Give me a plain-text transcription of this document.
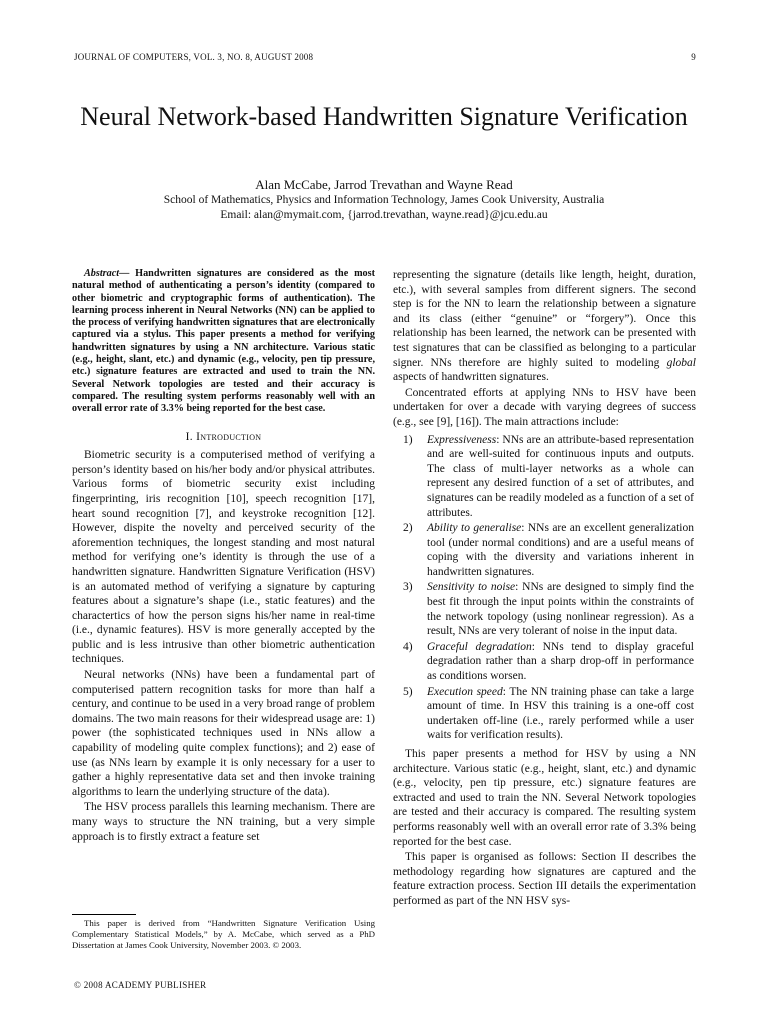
JOURNAL OF COMPUTERS, VOL. 3, NO. 8, AUGUST 2008	9
Neural Network-based Handwritten Signature Verification
Alan McCabe, Jarrod Trevathan and Wayne Read
School of Mathematics, Physics and Information Technology, James Cook University, Australia
Email: alan@mymait.com, {jarrod.trevathan, wayne.read}@jcu.edu.au

Abstract— Handwritten signatures are considered as the most natural method of authenticating a person’s identity (compared to other biometric and cryptographic forms of authentication). The learning process inherent in Neural Networks (NN) can be applied to the process of verifying handwritten signatures that are electronically captured via a stylus. This paper presents a method for verifying handwritten signatures by using a NN architecture. Various static (e.g., height, slant, etc.) and dynamic (e.g., velocity, pen tip pressure, etc.) signature features are extracted and used to train the NN. Several Network topologies are tested and their accuracy is compared. The resulting system performs reasonably well with an overall error rate of 3.3% being reported for the best case.

I. Introduction

Biometric security is a computerised method of verifying a person’s identity based on his/her body and/or physical attributes. Various forms of biometric security exist including fingerprinting, iris recognition [10], speech recognition [17], heart sound recognition [7], and keystroke recognition [12]. However, dispite the novelty and perceived security of the aforemention techniques, the longest standing and most natural method for verifying one’s identity is through the use of a handwritten signature. Handwritten Signature Verification (HSV) is an automated method of verifying a signature by capturing features about a signature’s shape (i.e., static features) and the charactertics of how the person signs his/her name in real-time (i.e., dynamic features). HSV is more generally accepted by the public and is less intrusive than other biometric authentication techniques.

Neural networks (NNs) have been a fundamental part of computerised pattern recognition tasks for more than half a century, and continue to be used in a very broad range of problem domains. The two main reasons for their widespread usage are: 1) power (the sophisticated techniques used in NNs allow a capability of modeling quite complex functions); and 2) ease of use (as NNs learn by example it is only necessary for a user to gather a highly representative data set and then invoke training algorithms to learn the underlying structure of the data).

The HSV process parallels this learning mechanism. There are many ways to structure the NN training, but a very simple approach is to firstly extract a feature set

representing the signature (details like length, height, duration, etc.), with several samples from different signers. The second step is for the NN to learn the relationship between a signature and its class (either “genuine” or “forgery”). Once this relationship has been learned, the network can be presented with test signatures that can be classified as belonging to a particular signer. NNs therefore are highly suited to modeling global aspects of handwritten signatures.

Concentrated efforts at applying NNs to HSV have been undertaken for over a decade with varying degrees of success (e.g., see [9], [16]). The main attractions include:

1) Expressiveness: NNs are an attribute-based representation and are well-suited for continuous inputs and outputs. The class of multi-layer networks as a whole can represent any desired function of a set of attributes, and signatures can be readily modeled as a function of a set of attributes.
2) Ability to generalise: NNs are an excellent generalization tool (under normal conditions) and are a useful means of coping with the diversity and variations inherent in handwritten signatures.
3) Sensitivity to noise: NNs are designed to simply find the best fit through the input points within the constraints of the network topology (using nonlinear regression). As a result, NNs are very tolerant of noise in the input data.
4) Graceful degradation: NNs tend to display graceful degradation rather than a sharp drop-off in performance as conditions worsen.
5) Execution speed: The NN training phase can take a large amount of time. In HSV this training is a one-off cost undertaken off-line (i.e., rarely performed while a user waits for verification results).

This paper presents a method for HSV by using a NN architecture. Various static (e.g., height, slant, etc.) and dynamic (e.g., velocity, pen tip pressure, etc.) signature features are extracted and used to train the NN. Several Network topologies are tested and their accuracy is compared. The resulting system performs reasonably well with an overall error rate of 3.3% being reported for the best case.

This paper is organised as follows: Section II describes the methodology regarding how signatures are captured and the feature extraction process. Section III details the experimentation performed as part of the NN HSV sys-

This paper is derived from “Handwritten Signature Verification Using Complementary Statistical Models,” by A. McCabe, which served as a PhD Dissertation at James Cook University, November 2003. © 2003.

© 2008 ACADEMY PUBLISHER
